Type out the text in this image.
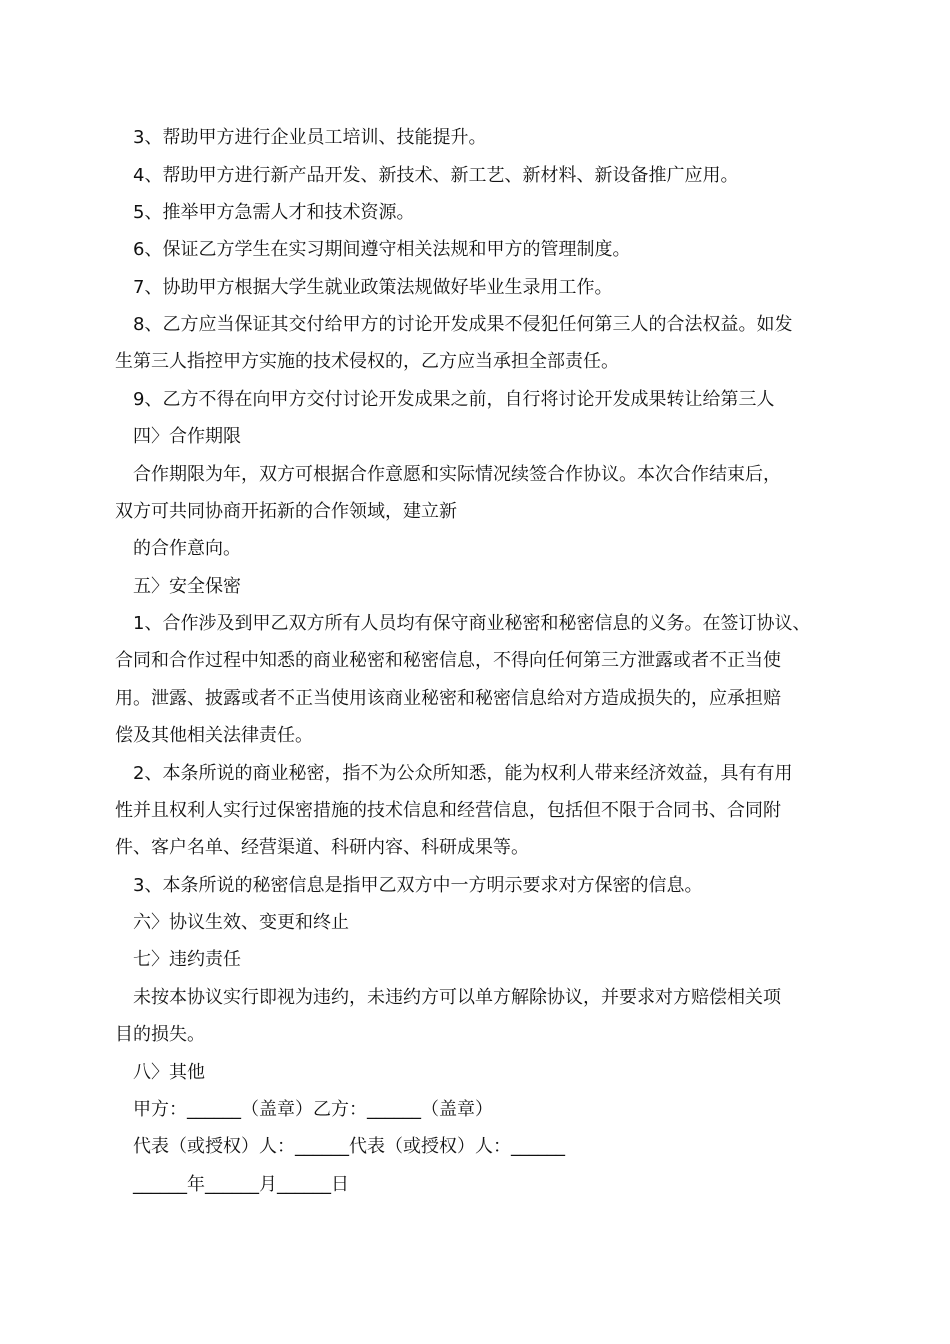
3、帮助甲方进行企业员工培训、技能提升。

4、帮助甲方进行新产品开发、新技术、新工艺、新材料、新设备推广应用。

5、推举甲方急需人才和技术资源。

6、保证乙方学生在实习期间遵守相关法规和甲方的管理制度。

7、协助甲方根据大学生就业政策法规做好毕业生录用工作。

8、乙方应当保证其交付给甲方的讨论开发成果不侵犯任何第三人的合法权益。如发

生第三人指控甲方实施的技术侵权的，乙方应当承担全部责任。

9、乙方不得在向甲方交付讨论开发成果之前，自行将讨论开发成果转让给第三人

四〉合作期限

合作期限为年，双方可根据合作意愿和实际情况续签合作协议。本次合作结束后，

双方可共同协商开拓新的合作领域，建立新

的合作意向。

五〉安全保密

1、合作涉及到甲乙双方所有人员均有保守商业秘密和秘密信息的义务。在签订协议、

合同和合作过程中知悉的商业秘密和秘密信息，不得向任何第三方泄露或者不正当使

用。泄露、披露或者不正当使用该商业秘密和秘密信息给对方造成损失的，应承担赔

偿及其他相关法律责任。

2、本条所说的商业秘密，指不为公众所知悉，能为权利人带来经济效益，具有有用

性并且权利人实行过保密措施的技术信息和经营信息，包括但不限于合同书、合同附

件、客户名单、经营渠道、科研内容、科研成果等。

3、本条所说的秘密信息是指甲乙双方中一方明示要求对方保密的信息。

六〉协议生效、变更和终止

七〉违约责任

未按本协议实行即视为违约，未违约方可以单方解除协议，并要求对方赔偿相关项

目的损失。

八〉其他

甲方：______（盖章）乙方：______（盖章）

代表（或授权）人：______代表（或授权）人：______

______年______月______日
